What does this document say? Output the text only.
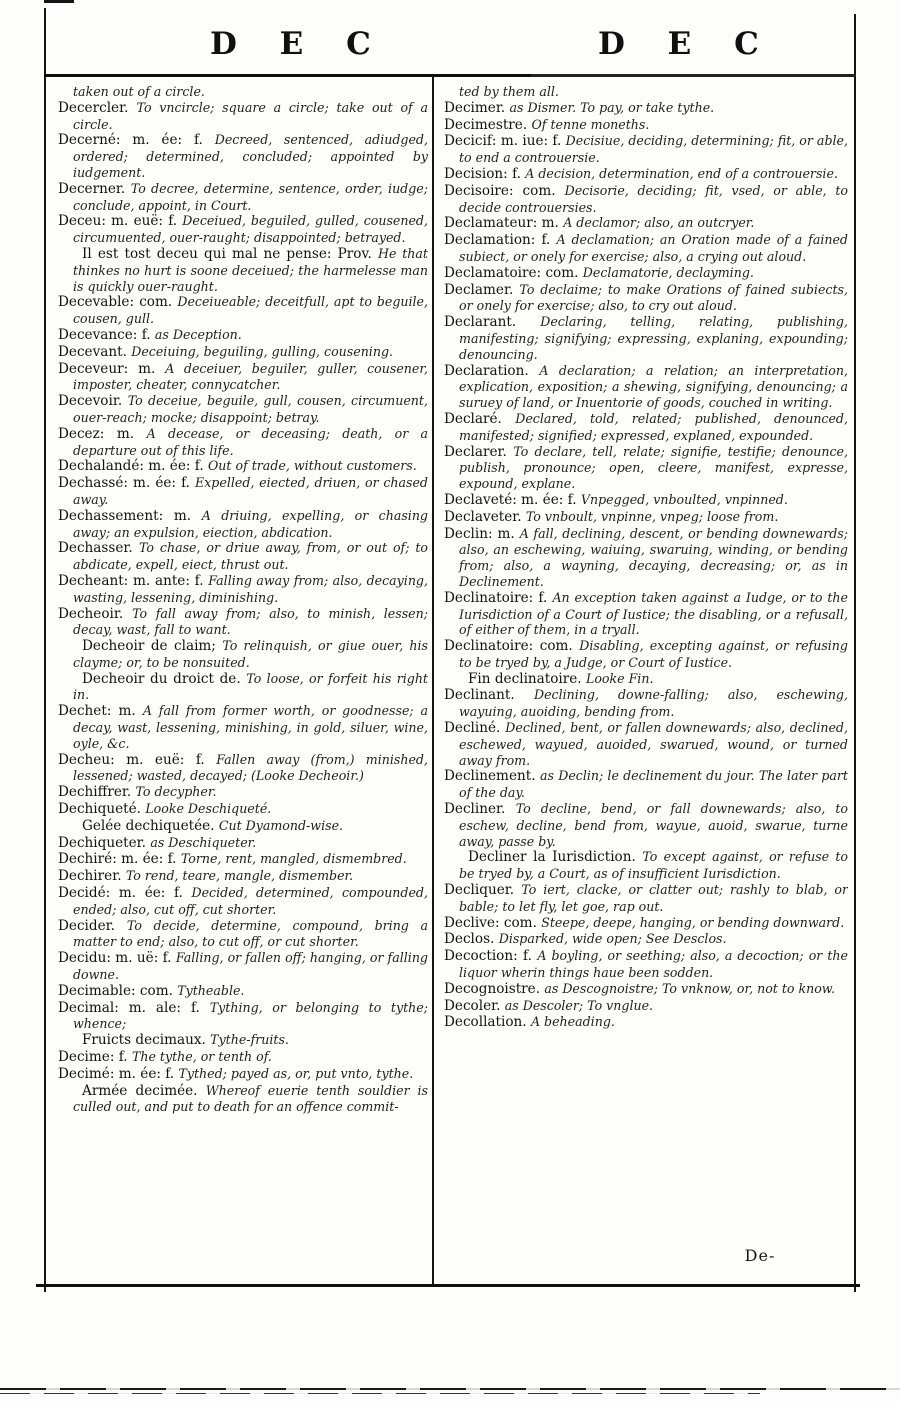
D E C	D E C

taken out of a circle.

Decercler. To vncircle; square a circle; take out of a circle.

Decerné: m. ée: f. Decreed, sentenced, adiudged, ordered; determined, concluded; appointed by iudgement.

Decerner. To decree, determine, sentence, order, iudge; conclude, appoint, in Court.

Deceu: m. euë: f. Deceiued, beguiled, gulled, cousened, circumuented, ouer-raught; disappointed; betrayed.

Il est tost deceu qui mal ne pense: Prov. He that thinkes no hurt is soone deceiued; the harmelesse man is quickly ouer-raught.

Decevable: com. Deceiueable; deceitfull, apt to beguile, cousen, gull.

Decevance: f. as Deception.

Decevant. Deceiuing, beguiling, gulling, cousening.

Deceveur: m. A deceiuer, beguiler, guller, cousener, imposter, cheater, connycatcher.

Decevoir. To deceiue, beguile, gull, cousen, circumuent, ouer-reach; mocke; disappoint; betray.

Decez: m. A decease, or deceasing; death, or a departure out of this life.

Dechalandé: m. ée: f. Out of trade, without customers.

Dechassé: m. ée: f. Expelled, eiected, driuen, or chased away.

Dechassement: m. A driuing, expelling, or chasing away; an expulsion, eiection, abdication.

Dechasser. To chase, or driue away, from, or out of; to abdicate, expell, eiect, thrust out.

Decheant: m. ante: f. Falling away from; also, decaying, wasting, lessening, diminishing.

Decheoir. To fall away from; also, to minish, lessen; decay, wast, fall to want.

Decheoir de claim; To relinquish, or giue ouer, his clayme; or, to be nonsuited.

Decheoir du droict de. To loose, or forfeit his right in.

Dechet: m. A fall from former worth, or goodnesse; a decay, wast, lessening, minishing, in gold, siluer, wine, oyle, &c.

Decheu: m. euë: f. Fallen away (from,) minished, lessened; wasted, decayed; (Looke Decheoir.)

Dechiffrer. To decypher.

Dechiqueté. Looke Deschiqueté.

Gelée dechiquetée. Cut Dyamond-wise.

Dechiqueter. as Deschiqueter.

Dechiré: m. ée: f. Torne, rent, mangled, dismembred.

Dechirer. To rend, teare, mangle, dismember.

Decidé: m. ée: f. Decided, determined, compounded, ended; also, cut off, cut shorter.

Decider. To decide, determine, compound, bring a matter to end; also, to cut off, or cut shorter.

Decidu: m. uë: f. Falling, or fallen off; hanging, or falling downe.

Decimable: com. Tytheable.

Decimal: m. ale: f. Tything, or belonging to tythe; whence;

Fruicts decimaux. Tythe-fruits.

Decime: f. The tythe, or tenth of.

Decimé: m. ée: f. Tythed; payed as, or, put vnto, tythe.

Armée decimée. Whereof euerie tenth souldier is culled out, and put to death for an offence commit-

ted by them all.

Decimer. as Dismer. To pay, or take tythe.

Decimestre. Of tenne moneths.

Decicif: m. iue: f. Decisiue, deciding, determining; fit, or able, to end a controuersie.

Decision: f. A decision, determination, end of a controuersie.

Decisoire: com. Decisorie, deciding; fit, vsed, or able, to decide controuersies.

Declamateur: m. A declamor; also, an outcryer.

Declamation: f. A declamation; an Oration made of a fained subiect, or onely for exercise; also, a crying out aloud.

Declamatoire: com. Declamatorie, declayming.

Declamer. To declaime; to make Orations of fained subiects, or onely for exercise; also, to cry out aloud.

Declarant. Declaring, telling, relating, publishing, manifesting; signifying; expressing, explaning, expounding; denouncing.

Declaration. A declaration; a relation; an interpretation, explication, exposition; a shewing, signifying, denouncing; a suruey of land, or Inuentorie of goods, couched in writing.

Declaré. Declared, told, related; published, denounced, manifested; signified; expressed, explaned, expounded.

Declarer. To declare, tell, relate; signifie, testifie; denounce, publish, pronounce; open, cleere, manifest, expresse, expound, explane.

Declaveté: m. ée: f. Vnpegged, vnboulted, vnpinned.

Declaveter. To vnboult, vnpinne, vnpeg; loose from.

Declin: m. A fall, declining, descent, or bending downewards; also, an eschewing, waiuing, swaruing, winding, or bending from; also, a wayning, decaying, decreasing; or, as in Declinement.

Declinatoire: f. An exception taken against a Iudge, or to the Iurisdiction of a Court of Iustice; the disabling, or a refusall, of either of them, in a tryall.

Declinatoire: com. Disabling, excepting against, or refusing to be tryed by, a Judge, or Court of Iustice.

Fin declinatoire. Looke Fin.

Declinant. Declining, downe-falling; also, eschewing, wayuing, auoiding, bending from.

Decliné. Declined, bent, or fallen downewards; also, declined, eschewed, wayued, auoided, swarued, wound, or turned away from.

Declinement. as Declin; le declinement du jour. The later part of the day.

Decliner. To decline, bend, or fall downewards; also, to eschew, decline, bend from, wayue, auoid, swarue, turne away, passe by.

Decliner la Iurisdiction. To except against, or refuse to be tryed by, a Court, as of insufficient Iurisdiction.

Decliquer. To iert, clacke, or clatter out; rashly to blab, or bable; to let fly, let goe, rap out.

Declive: com. Steepe, deepe, hanging, or bending downward.

Declos. Disparked, wide open; See Desclos.

Decoction: f. A boyling, or seething; also, a decoction; or the liquor wherin things haue been sodden.

Decognoistre. as Descognoistre; To vnknow, or, not to know.

Decoler. as Descoler; To vnglue.

Decollation. A beheading.

De-
